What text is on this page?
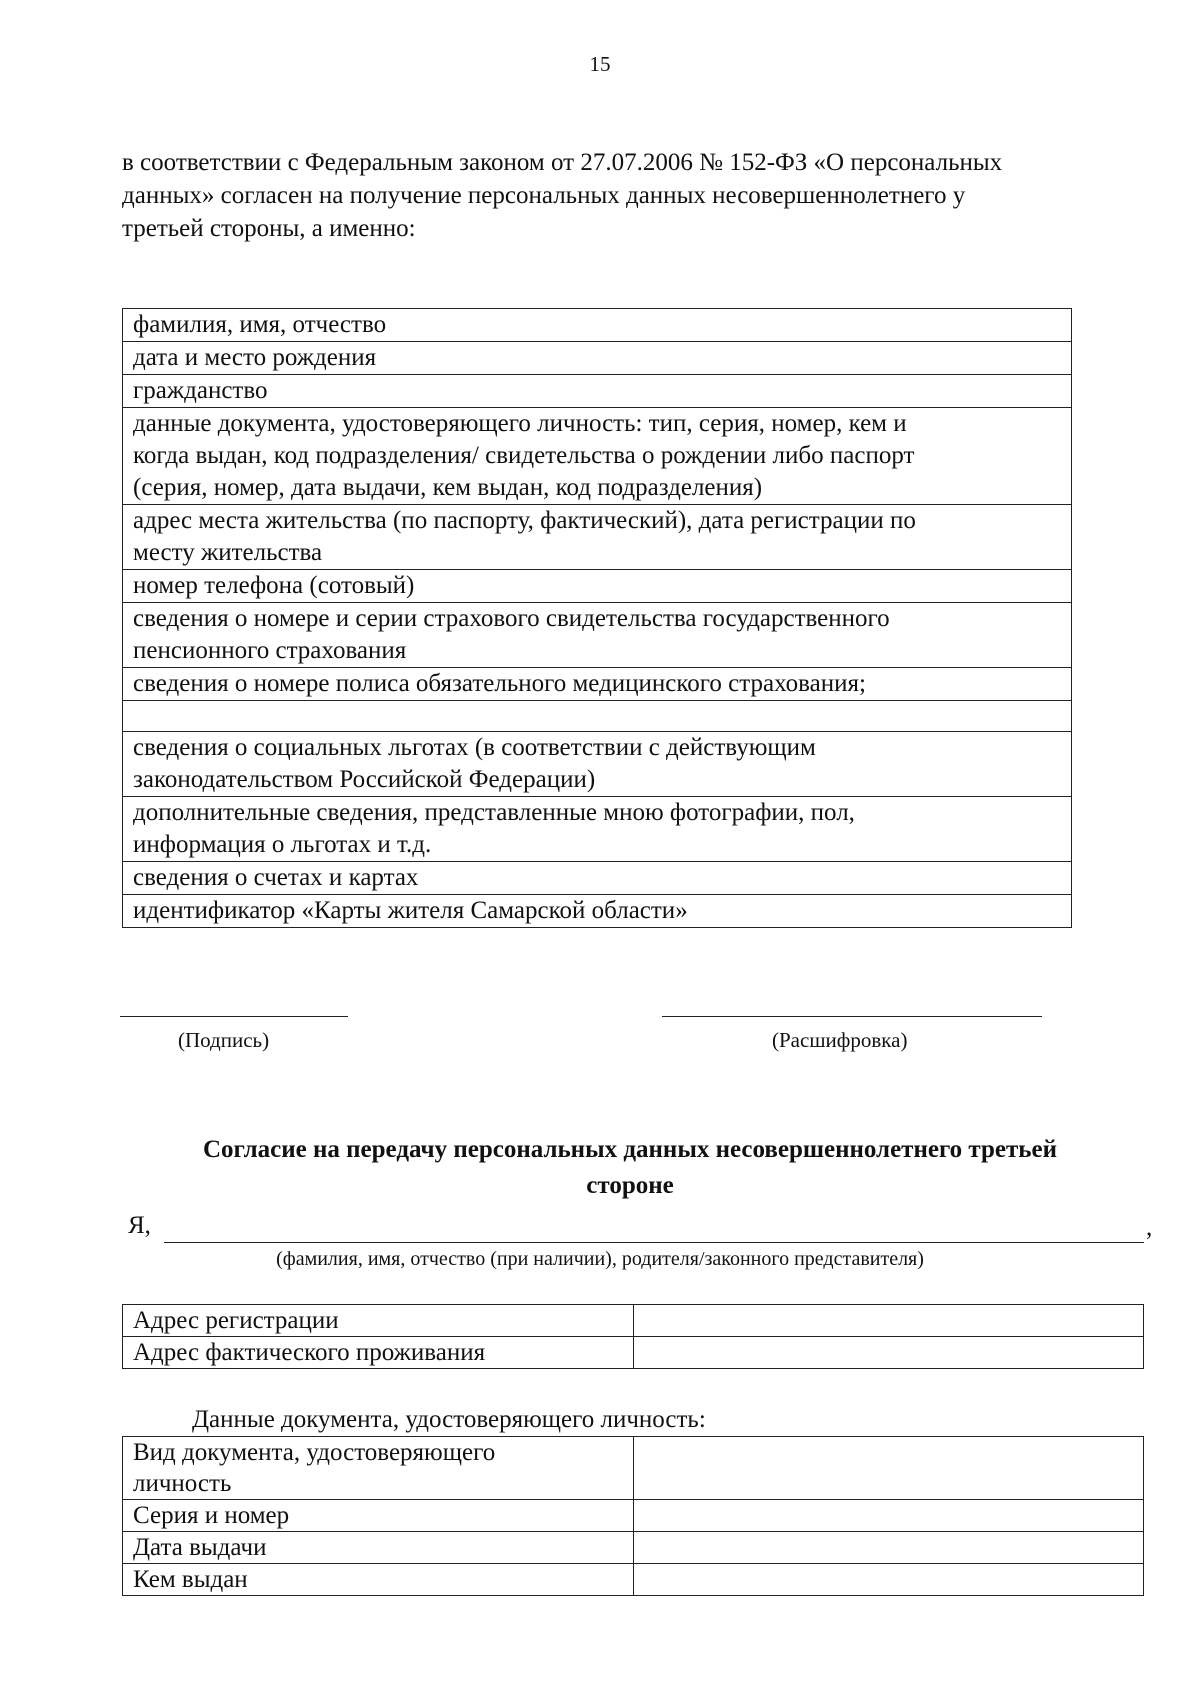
15
в соответствии с Федеральным законом от 27.07.2006 № 152-ФЗ «О персональных
данных» согласен на получение персональных данных несовершеннолетнего у
третьей стороны, а именно:
фамилия, имя, отчество

дата и место рождения

гражданство

данные документа, удостоверяющего личность: тип, серия, номер, кем и
когда выдан, код подразделения/ свидетельства о рождении либо паспорт
(серия, номер, дата выдачи, кем выдан, код подразделения)

адрес места жительства (по паспорту, фактический), дата регистрации по
месту жительства

номер телефона (сотовый)

сведения о номере и серии страхового свидетельства государственного
пенсионного страхования

сведения о номере полиса обязательного медицинского страхования;

сведения о социальных льготах (в соответствии с действующим
законодательством Российской Федерации)

дополнительные сведения, представленные мною фотографии, пол,
информация о льготах и т.д.

сведения о счетах и картах

идентификатор «Карты жителя Самарской области»
(Подпись)	(Расшифровка)
Согласие на передачу персональных данных несовершеннолетнего третьей
стороне
Я,	,
(фамилия, имя, отчество (при наличии), родителя/законного представителя)
Адрес регистрации	
Адрес фактического проживания	
Данные документа, удостоверяющего личность:
Вид документа, удостоверяющего
личность	

Серия и номер	

Дата выдачи	

Кем выдан	
